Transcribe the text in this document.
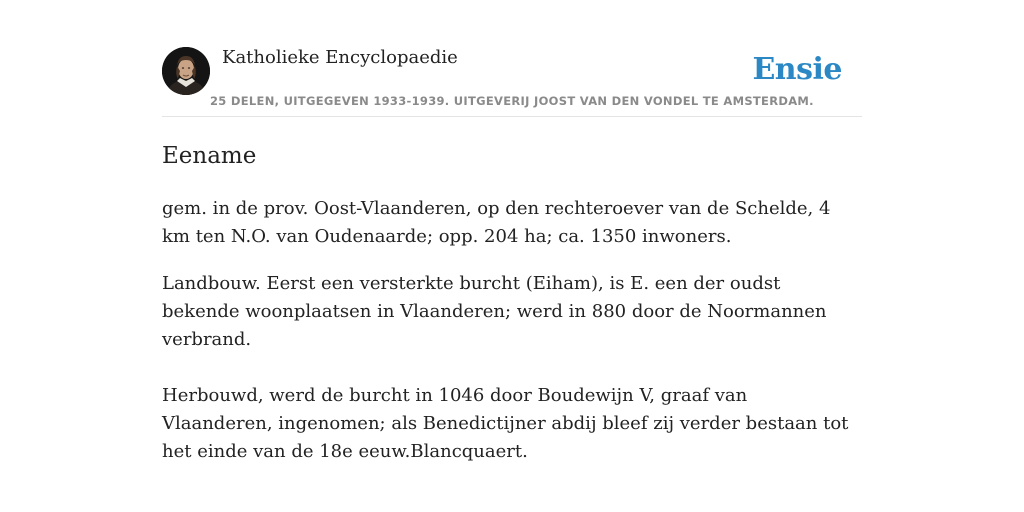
Katholieke Encyclopaedie	Ensie
25 DELEN, UITGEGEVEN 1933-1939. UITGEVERIJ JOOST VAN DEN VONDEL TE AMSTERDAM.
Eename

gem. in de prov. Oost-Vlaanderen, op den rechteroever van de Schelde, 4 km ten N.O. van Oudenaarde; opp. 204 ha; ca. 1350 inwoners.

Landbouw. Eerst een versterkte burcht (Eiham), is E. een der oudst bekende woonplaatsen in Vlaanderen; werd in 880 door de Noormannen verbrand.

Herbouwd, werd de burcht in 1046 door Boudewijn V, graaf van Vlaanderen, ingenomen; als Benedictijner abdij bleef zij verder bestaan tot het einde van de 18e eeuw.Blancquaert.
